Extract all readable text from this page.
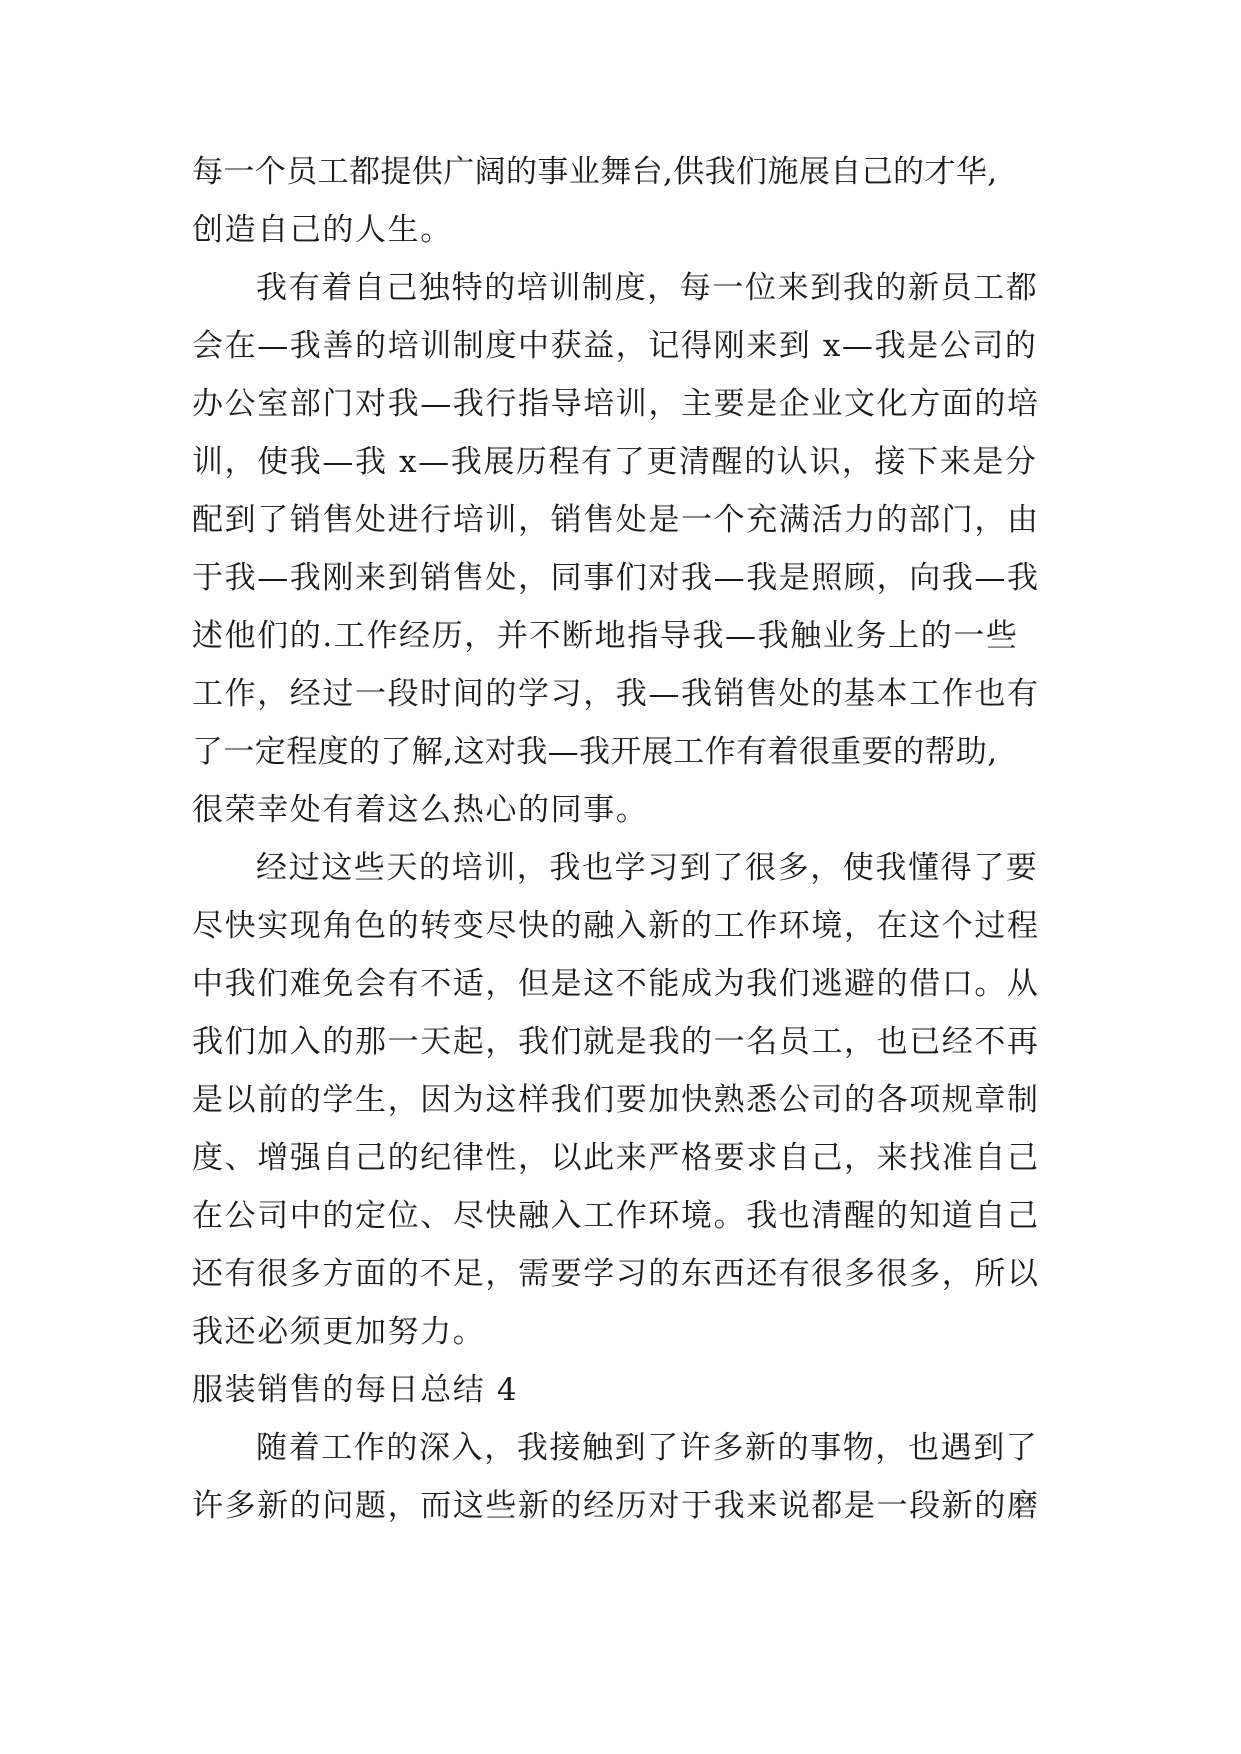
每一个员工都提供广阔的事业舞台,供我们施展自己的才华,
创造自己的人生。
我有着自己独特的培训制度，每一位来到我的新员工都
会在—我善的培训制度中获益，记得刚来到 x—我是公司的
办公室部门对我—我行指导培训，主要是企业文化方面的培
训，使我—我 x—我展历程有了更清醒的认识，接下来是分
配到了销售处进行培训，销售处是一个充满活力的部门，由
于我—我刚来到销售处，同事们对我—我是照顾，向我—我
述他们的.工作经历，并不断地指导我—我触业务上的一些
工作，经过一段时间的学习，我—我销售处的基本工作也有
了一定程度的了解,这对我—我开展工作有着很重要的帮助,
很荣幸处有着这么热心的同事。
经过这些天的培训，我也学习到了很多，使我懂得了要
尽快实现角色的转变尽快的融入新的工作环境，在这个过程
中我们难免会有不适，但是这不能成为我们逃避的借口。从
我们加入的那一天起，我们就是我的一名员工，也已经不再
是以前的学生，因为这样我们要加快熟悉公司的各项规章制
度、增强自己的纪律性，以此来严格要求自己，来找准自己
在公司中的定位、尽快融入工作环境。我也清醒的知道自己
还有很多方面的不足，需要学习的东西还有很多很多，所以
我还必须更加努力。
服装销售的每日总结 4
随着工作的深入，我接触到了许多新的事物，也遇到了
许多新的问题，而这些新的经历对于我来说都是一段新的磨
